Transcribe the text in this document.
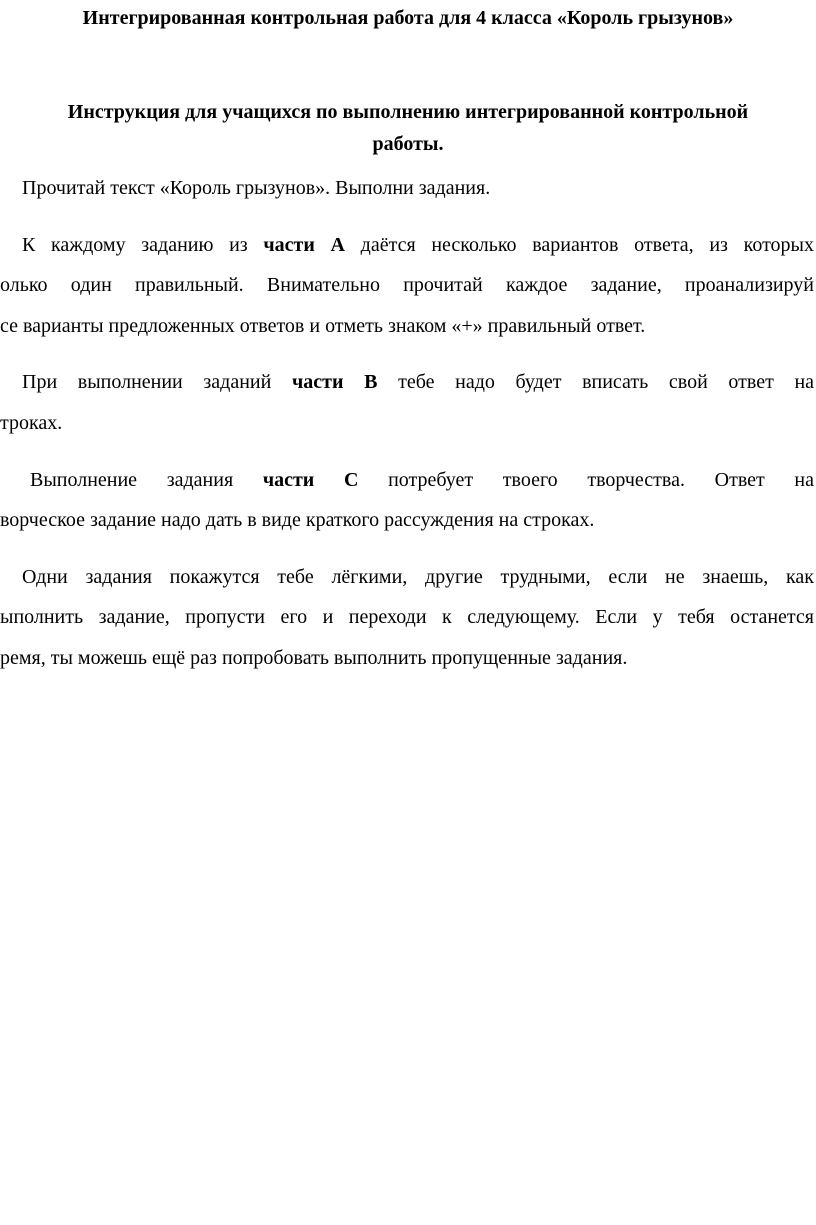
Интегрированная контрольная работа для 4 класса «Король грызунов»
Инструкция для учащихся по выполнению интегрированной контрольной
работы.
Прочитай текст «Король грызунов». Выполни задания.
К каждому заданию из части А даётся несколько вариантов ответа, из которых
олько один правильный. Внимательно прочитай каждое задание, проанализируй
се варианты предложенных ответов и отметь знаком «+» правильный ответ.
При выполнении заданий части В тебе надо будет вписать свой ответ на
троках.
Выполнение задания части С потребует твоего творчества. Ответ на
ворческое задание надо дать в виде краткого рассуждения на строках.
Одни задания покажутся тебе лёгкими, другие трудными, если не знаешь, как
ыполнить задание, пропусти его и переходи к следующему. Если у тебя останется
ремя, ты можешь ещё раз попробовать выполнить пропущенные задания.
